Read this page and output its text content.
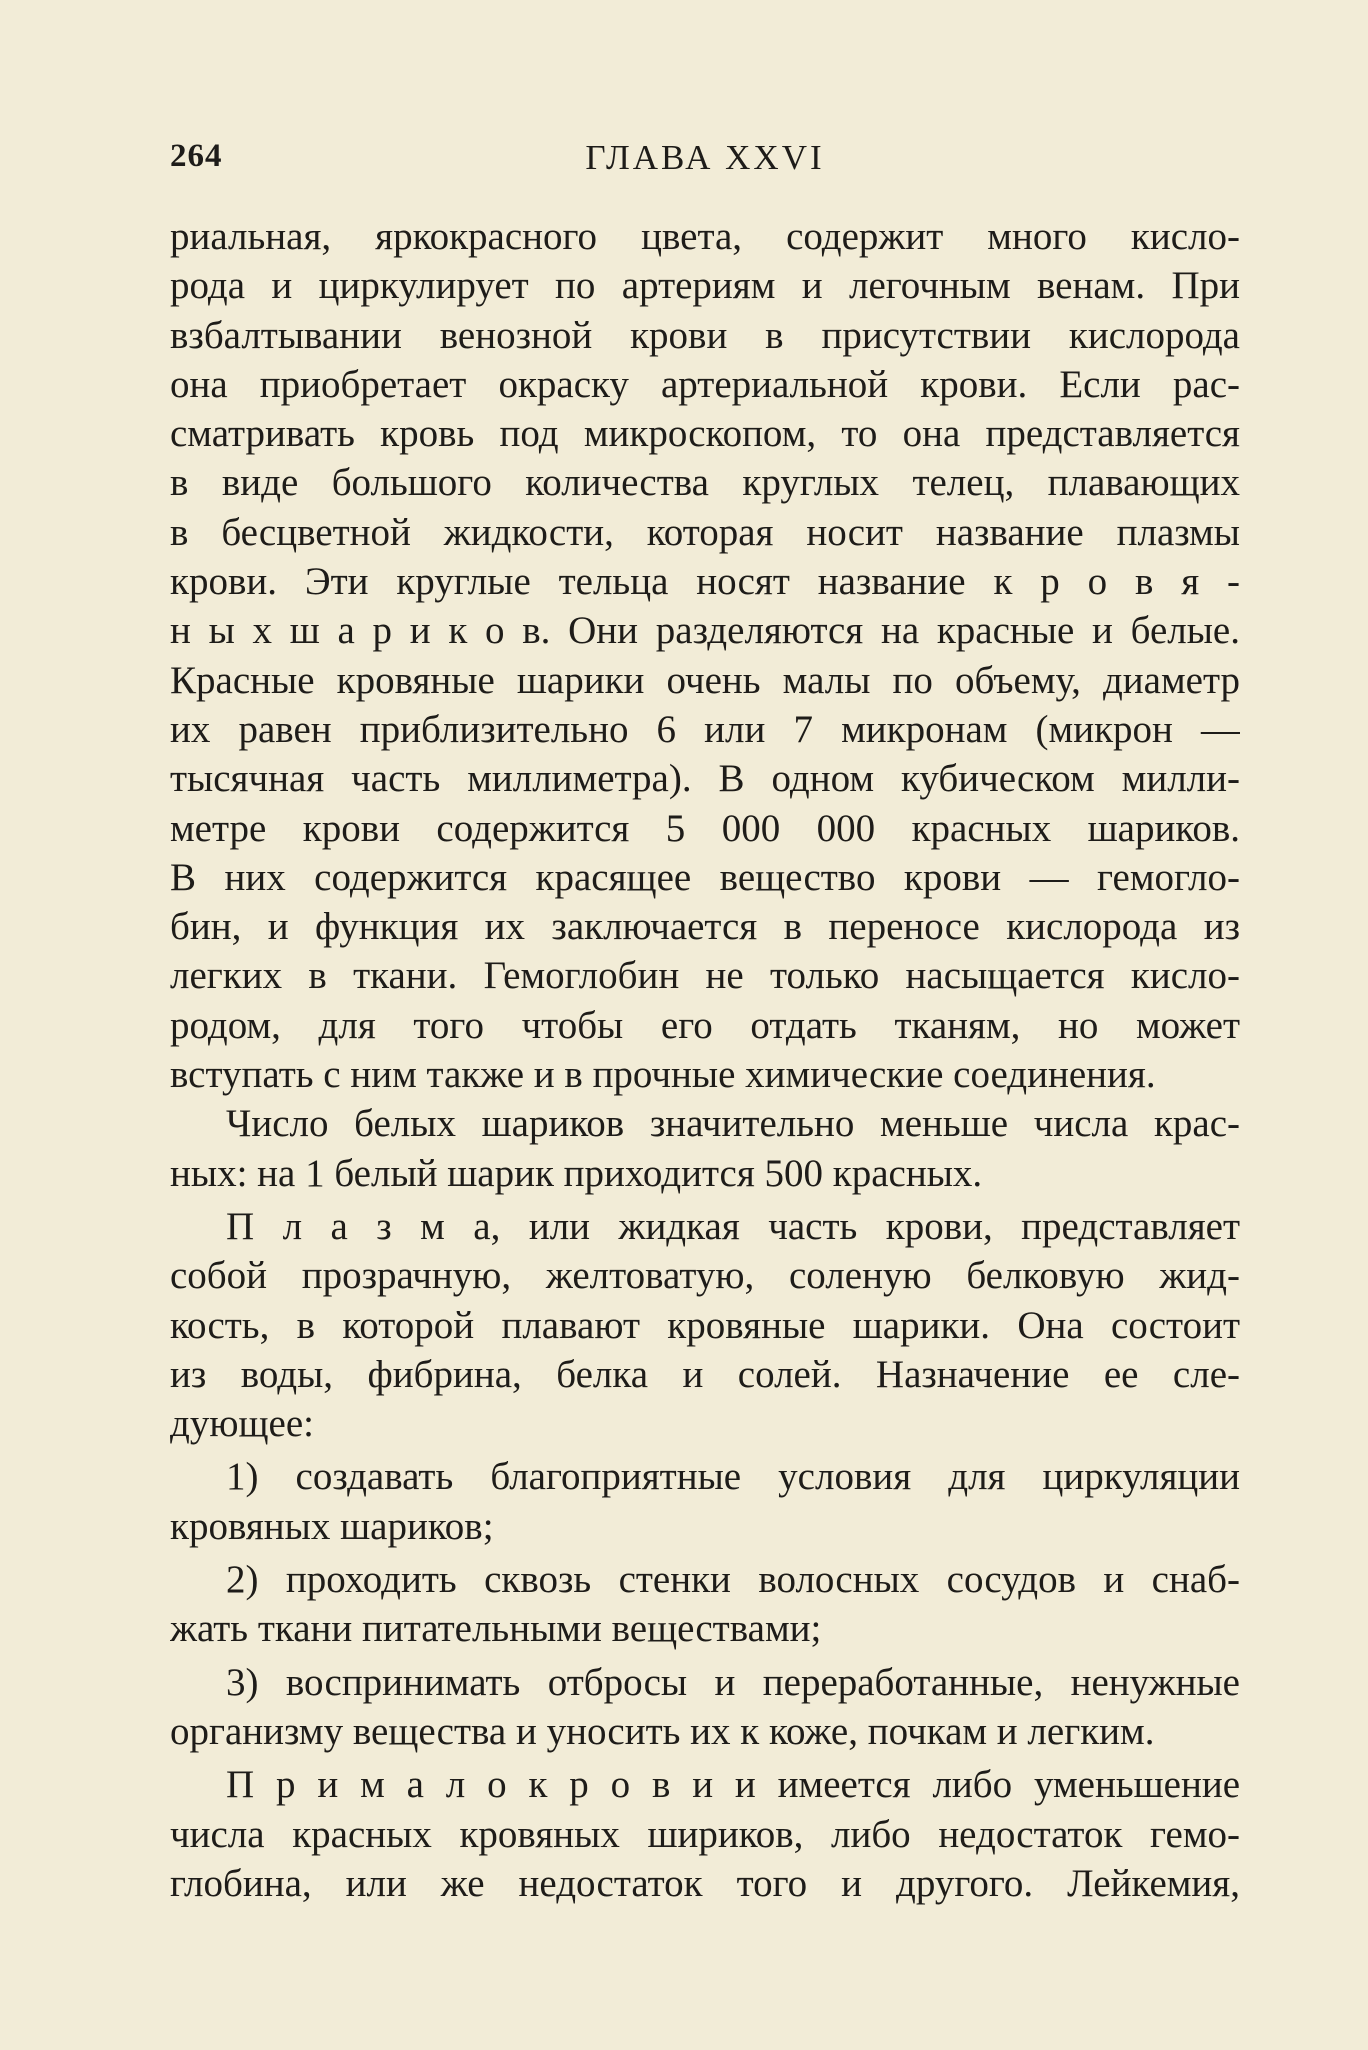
264	ГЛАВА XXVI
риальная, яркокрасного цвета, содержит много кисло-
рода и циркулирует по артериям и легочным венам. При
взбалтывании венозной крови в присутствии кислорода
она приобретает окраску артериальной крови. Если рас-
сматривать кровь под микроскопом, то она представляется
в виде большого количества круглых телец, плавающих
в бесцветной жидкости, которая носит название плазмы
крови. Эти круглые тельца носят название к р о в я -
н ы х ш а р и к о в. Они разделяются на красные и белые.
Красные кровяные шарики очень малы по объему, диаметр
их равен приблизительно 6 или 7 микронам (микрон —
тысячная часть миллиметра). В одном кубическом милли-
метре крови содержится 5 000 000 красных шариков.
В них содержится красящее вещество крови — гемогло-
бин, и функция их заключается в переносе кислорода из
легких в ткани. Гемоглобин не только насыщается кисло-
родом, для того чтобы его отдать тканям, но может
вступать с ним также и в прочные химические соединения.
Число белых шариков значительно меньше числа крас-
ных: на 1 белый шарик приходится 500 красных.
П л а з м а, или жидкая часть крови, представляет
собой прозрачную, желтоватую, соленую белковую жид-
кость, в которой плавают кровяные шарики. Она состоит
из воды, фибрина, белка и солей. Назначение ее сле-
дующее:
1) создавать благоприятные условия для циркуляции
кровяных шариков;
2) проходить сквозь стенки волосных сосудов и снаб-
жать ткани питательными веществами;
3) воспринимать отбросы и переработанные, ненужные
организму вещества и уносить их к коже, почкам и легким.
П р и м а л о к р о в и и имеется либо уменьшение
числа красных кровяных шириков, либо недостаток гемо-
глобина, или же недостаток того и другого. Лейкемия,
